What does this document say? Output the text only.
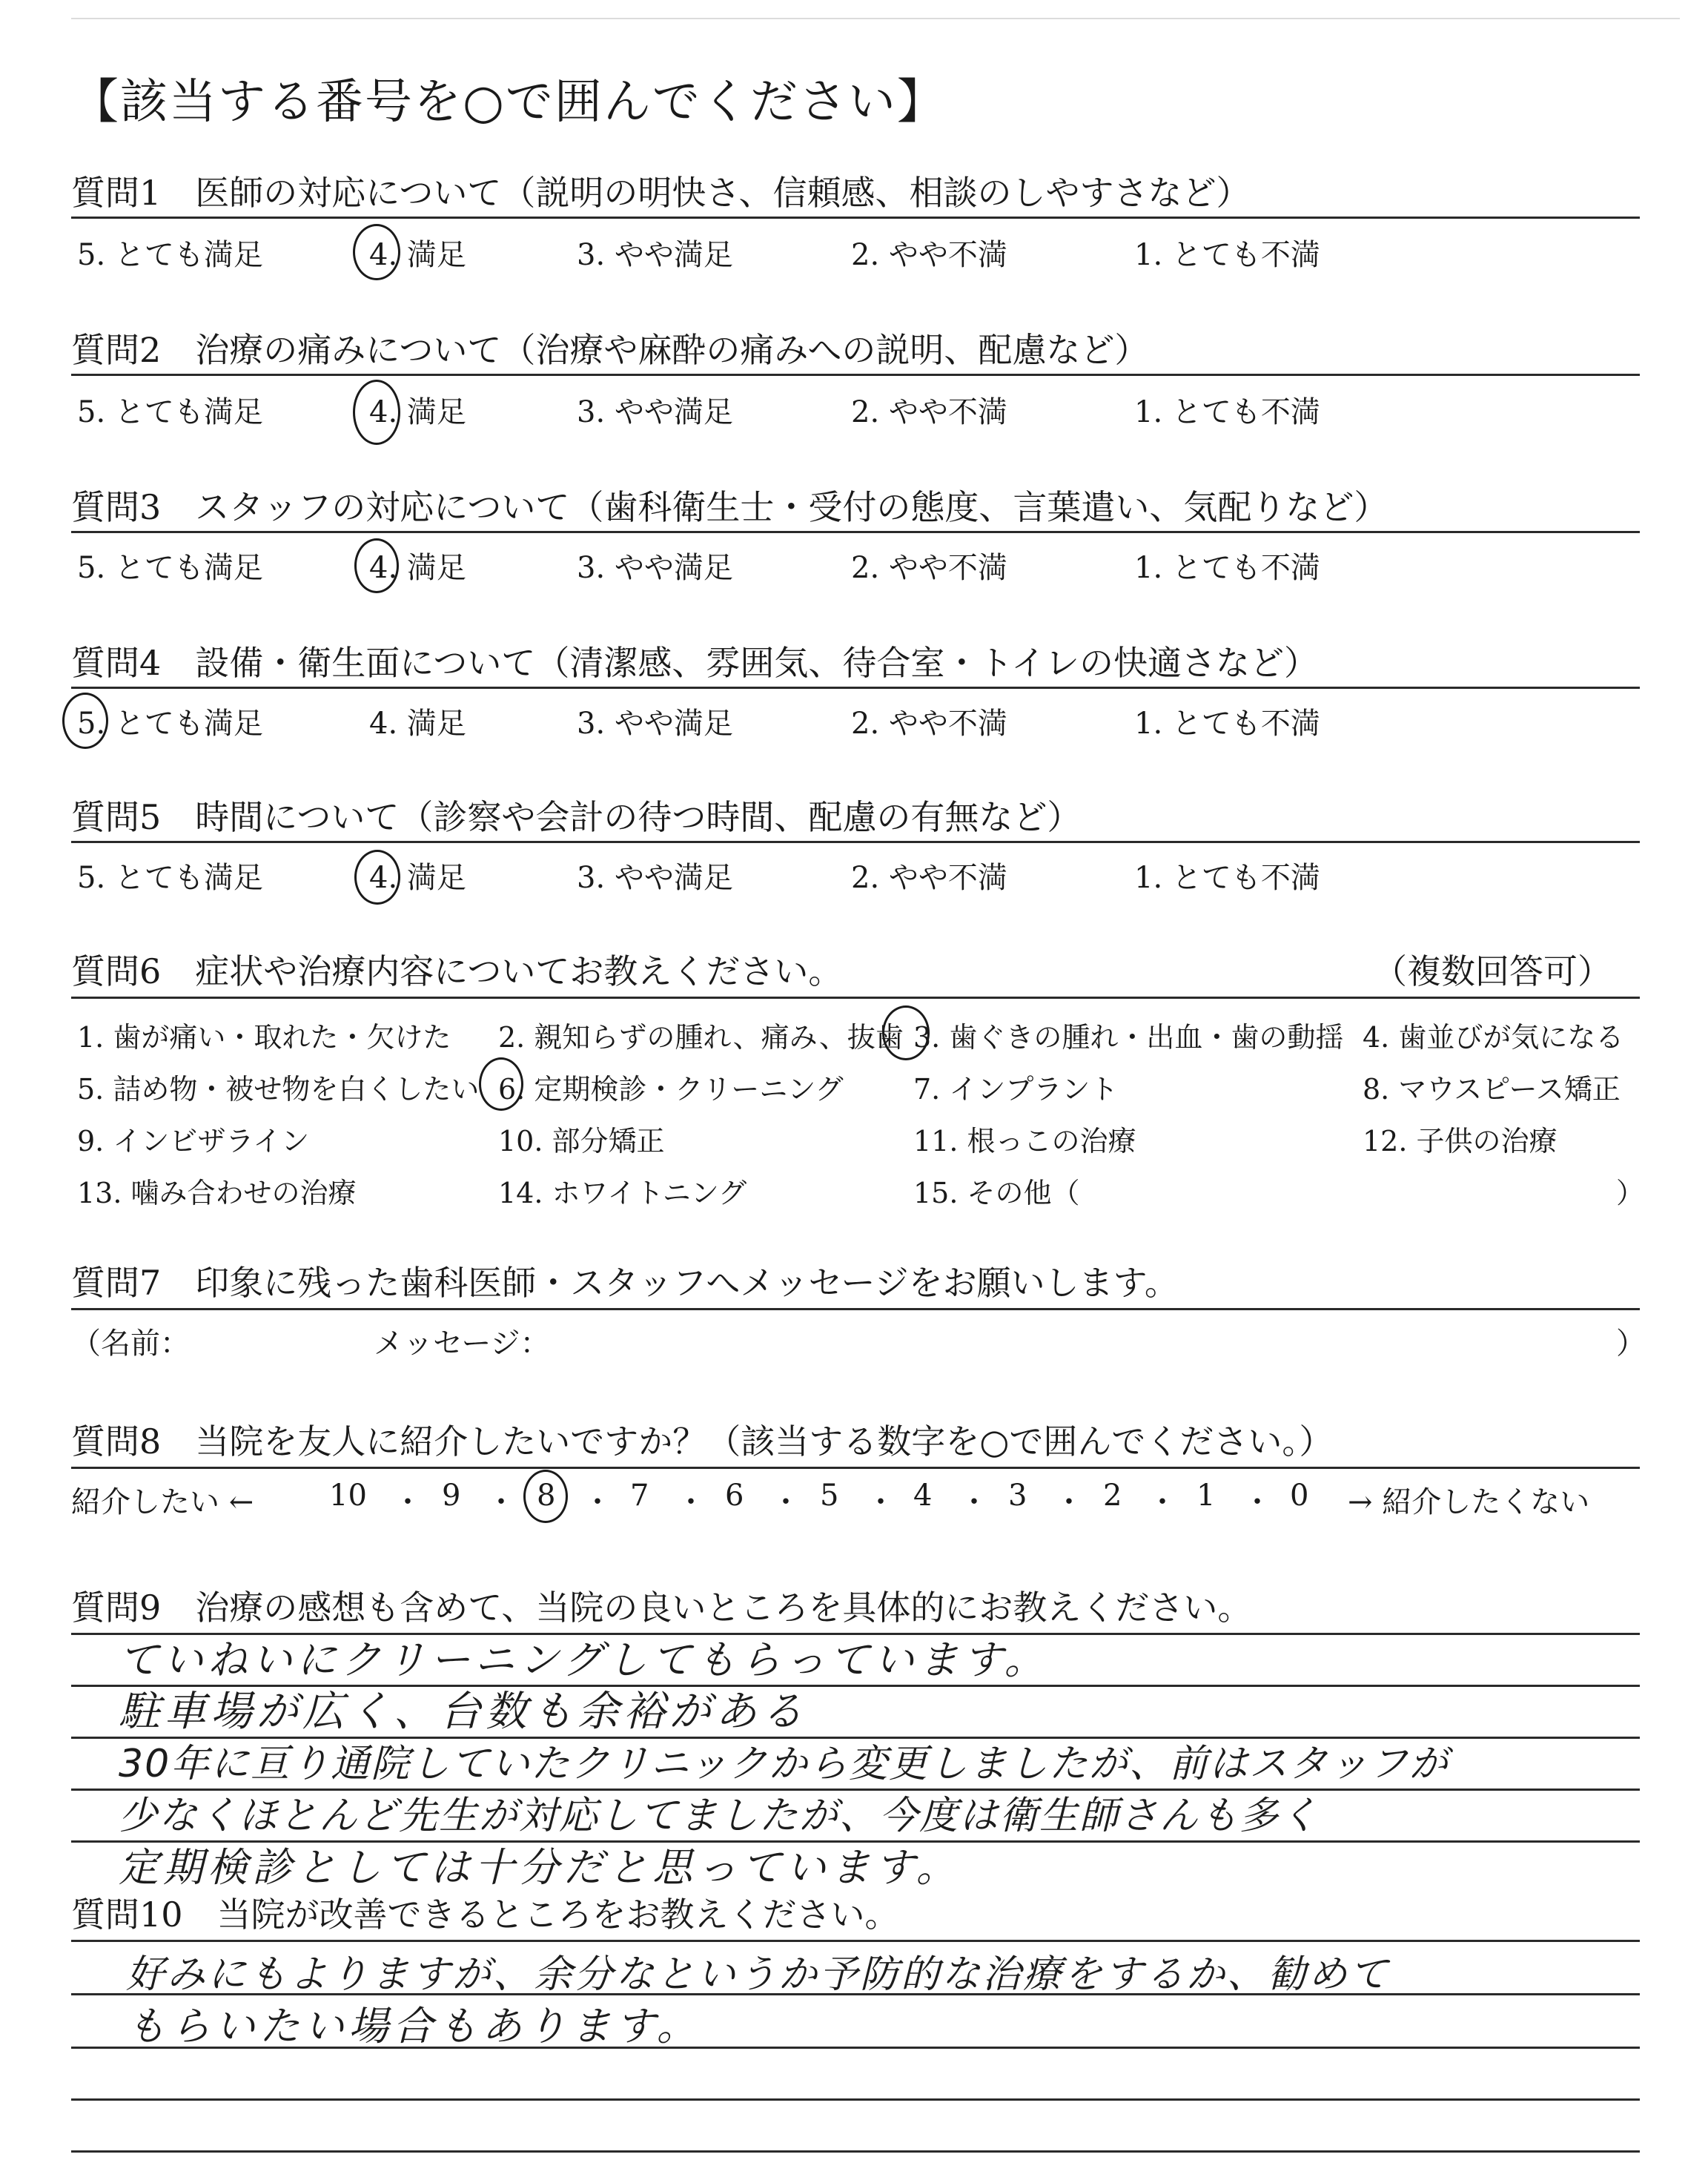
【該当する番号を○で囲んでください】
質問1　医師の対応について（説明の明快さ、信頼感、相談のしやすさなど）
5. とても満足	4. 満足	3. やや満足	2. やや不満	1. とても不満
質問2　治療の痛みについて（治療や麻酔の痛みへの説明、配慮など）
5. とても満足	4. 満足	3. やや満足	2. やや不満	1. とても不満
質問3　スタッフの対応について（歯科衛生士・受付の態度、言葉遣い、気配りなど）
5. とても満足	4. 満足	3. やや満足	2. やや不満	1. とても不満
質問4　設備・衛生面について（清潔感、雰囲気、待合室・トイレの快適さなど）
5. とても満足	4. 満足	3. やや満足	2. やや不満	1. とても不満
質問5　時間について（診察や会計の待つ時間、配慮の有無など）
5. とても満足	4. 満足	3. やや満足	2. やや不満	1. とても不満
質問6　症状や治療内容についてお教えください。	（複数回答可）
1. 歯が痛い・取れた・欠けた 2. 親知らずの腫れ、痛み、抜歯 3. 歯ぐきの腫れ・出血・歯の動揺 4. 歯並びが気になる
5. 詰め物・被せ物を白くしたい 6. 定期検診・クリーニング 7. インプラント	8. マウスピース矯正
9. インビザライン	10. 部分矯正	11. 根っこの治療	12. 子供の治療
13. 噛み合わせの治療	14. ホワイトニング	15. その他（	）
質問7　印象に残った歯科医師・スタッフへメッセージをお願いします。
（名前：	メッセージ：	）
質問8　当院を友人に紹介したいですか？（該当する数字を○で囲んでください。）
紹介したい ←	10 ・ 9 ・ 8 ・ 7 ・ 6 ・ 5 ・ 4 ・ 3 ・ 2 ・ 1 ・ 0 → 紹介したくない
質問9　治療の感想も含めて、当院の良いところを具体的にお教えください。
ていねいにクリーニングしてもらっています。
駐車場が広く、台数も余裕がある
30年に亘り通院していたクリニックから変更しましたが、前はスタッフが
少なくほとんど先生が対応してましたが、今度は衛生師さんも多く
定期検診としては十分だと思っています。
質問10　当院が改善できるところをお教えください。
好みにもよりますが、余分なというか予防的な治療をするか、勧めて
もらいたい場合もあります。
